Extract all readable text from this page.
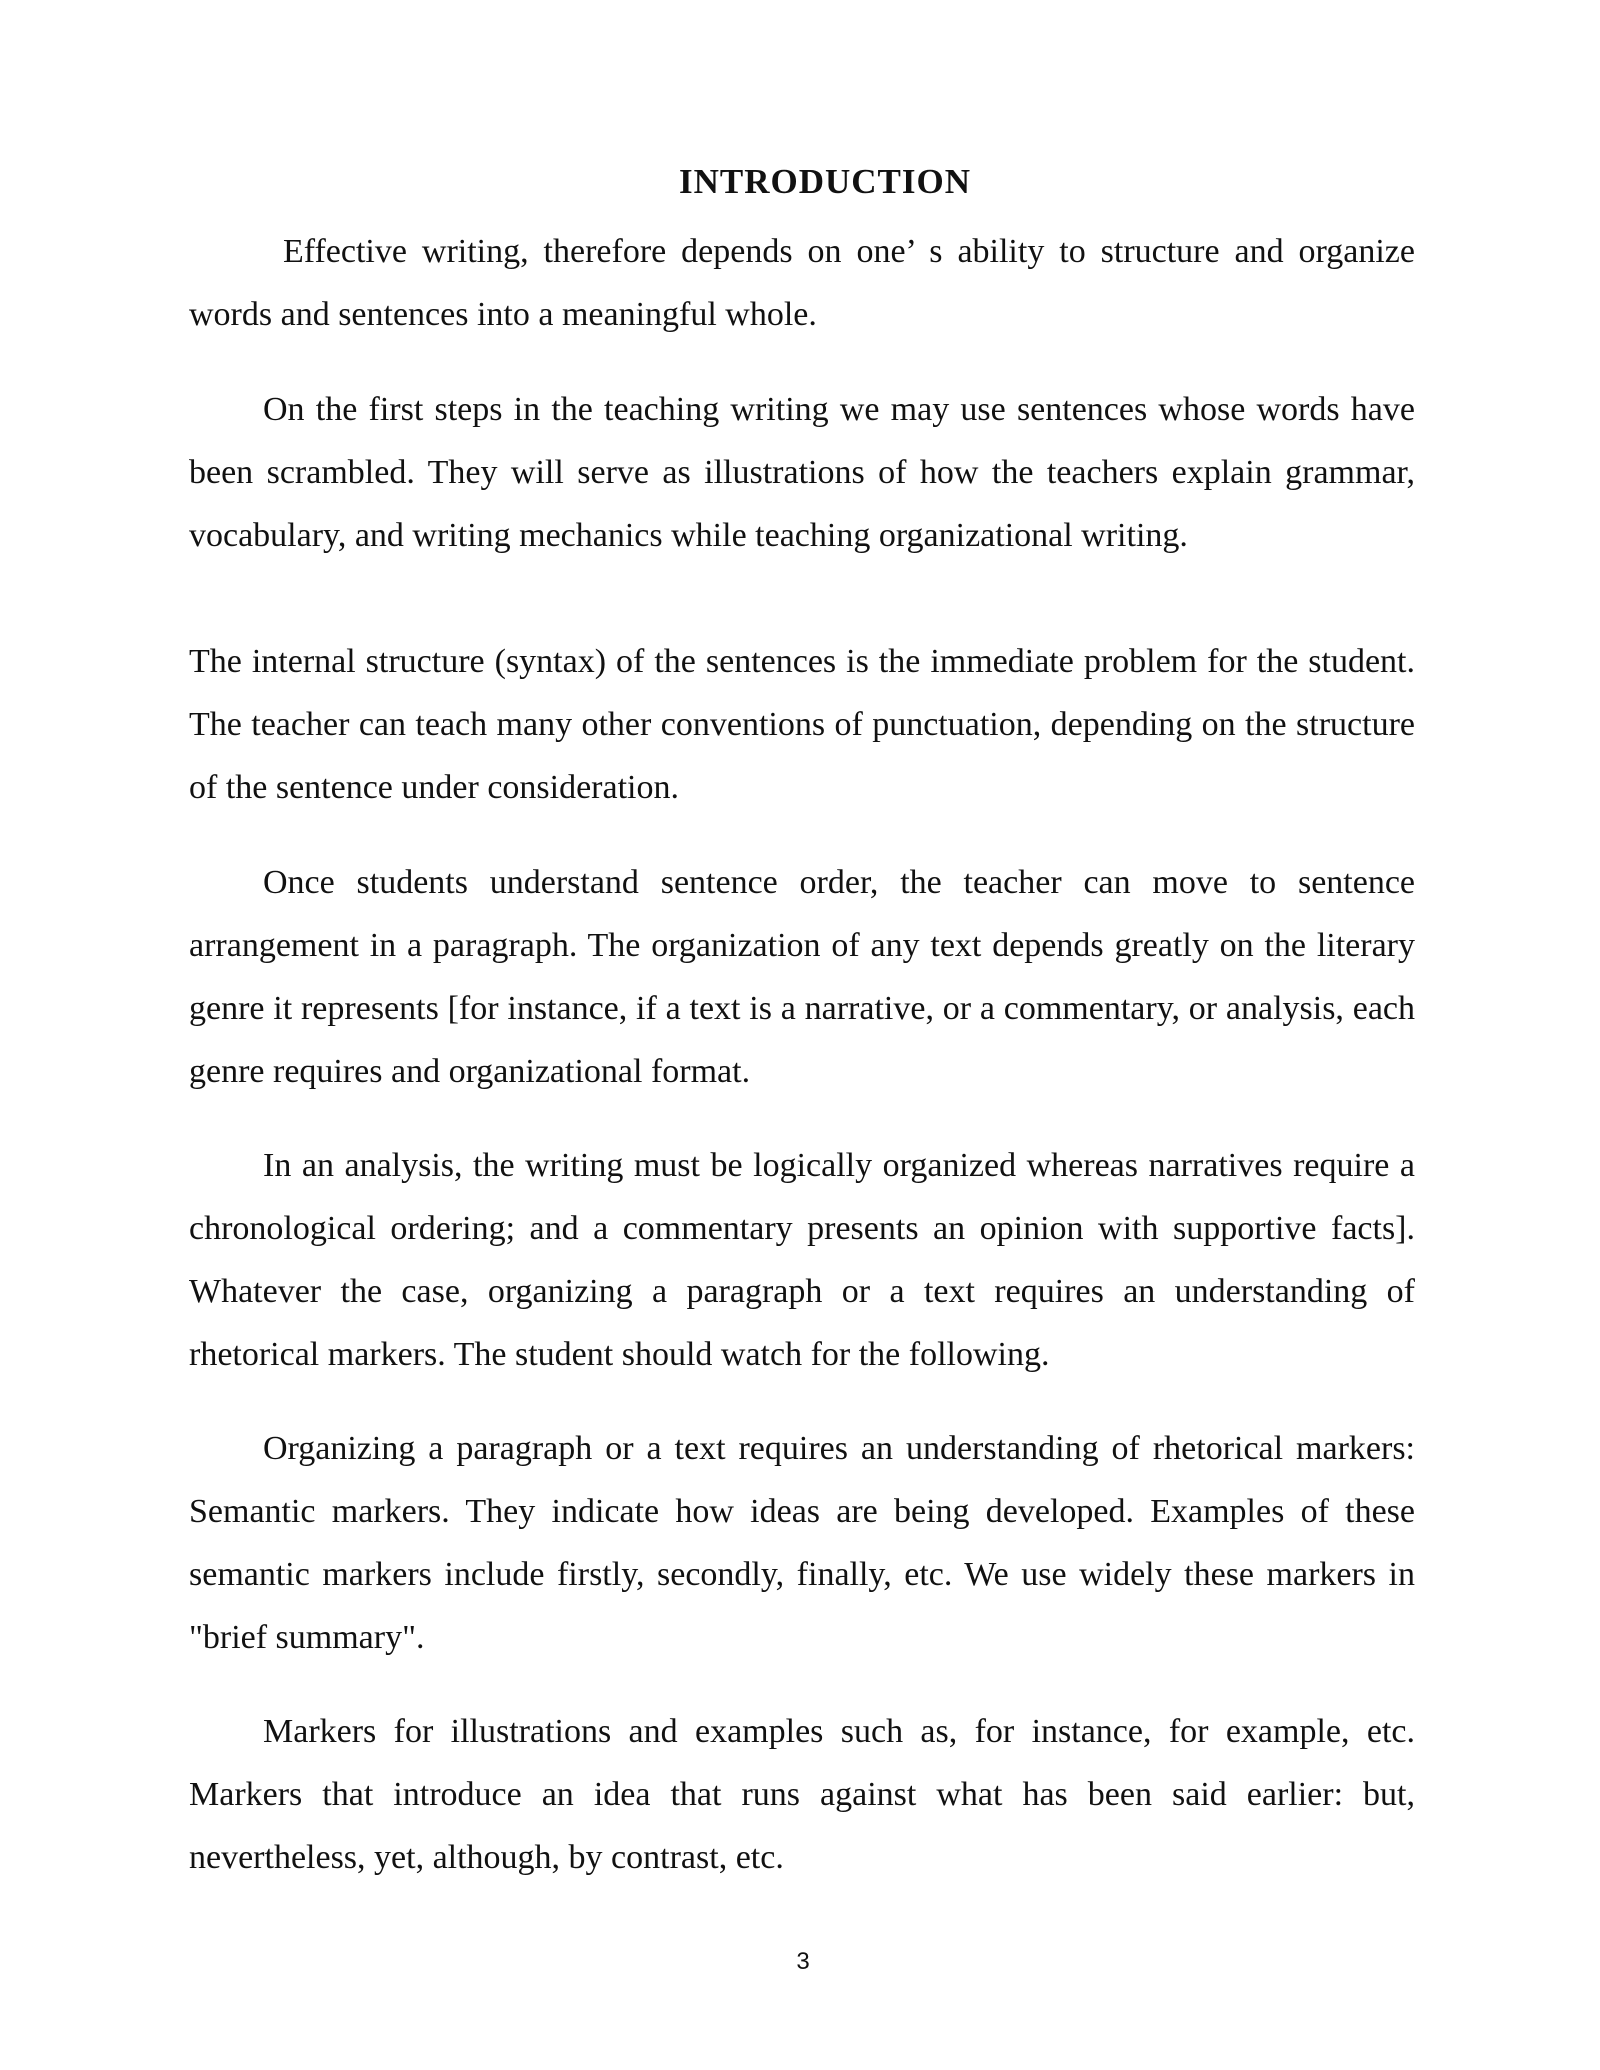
INTRODUCTION

Effective writing, therefore depends on one’ s ability to structure and organize words and sentences into a meaningful whole.

On the first steps in the teaching writing we may use sentences whose words have been scrambled. They will serve as illustrations of how the teachers explain grammar, vocabulary, and writing mechanics while teaching organizational writing.

The internal structure (syntax) of the sentences is the immediate problem for the student. The teacher can teach many other conventions of punctuation, depending on the structure of the sentence under consideration.

Once students understand sentence order, the teacher can move to sentence arrangement in a paragraph. The organization of any text depends greatly on the literary genre it represents [for instance, if a text is a narrative, or a commentary, or analysis, each genre requires and organizational format.

In an analysis, the writing must be logically organized whereas narratives require a chronological ordering; and a commentary presents an opinion with supportive facts]. Whatever the case, organizing a paragraph or a text requires an understanding of rhetorical markers. The student should watch for the following.

Organizing a paragraph or a text requires an understanding of rhetorical markers: Semantic markers. They indicate how ideas are being developed. Examples of these semantic markers include firstly, secondly, finally, etc. We use widely these markers in "brief summary".

Markers for illustrations and examples such as, for instance, for example, etc. Markers that introduce an idea that runs against what has been said earlier: but, nevertheless, yet, although, by contrast, etc.

3
